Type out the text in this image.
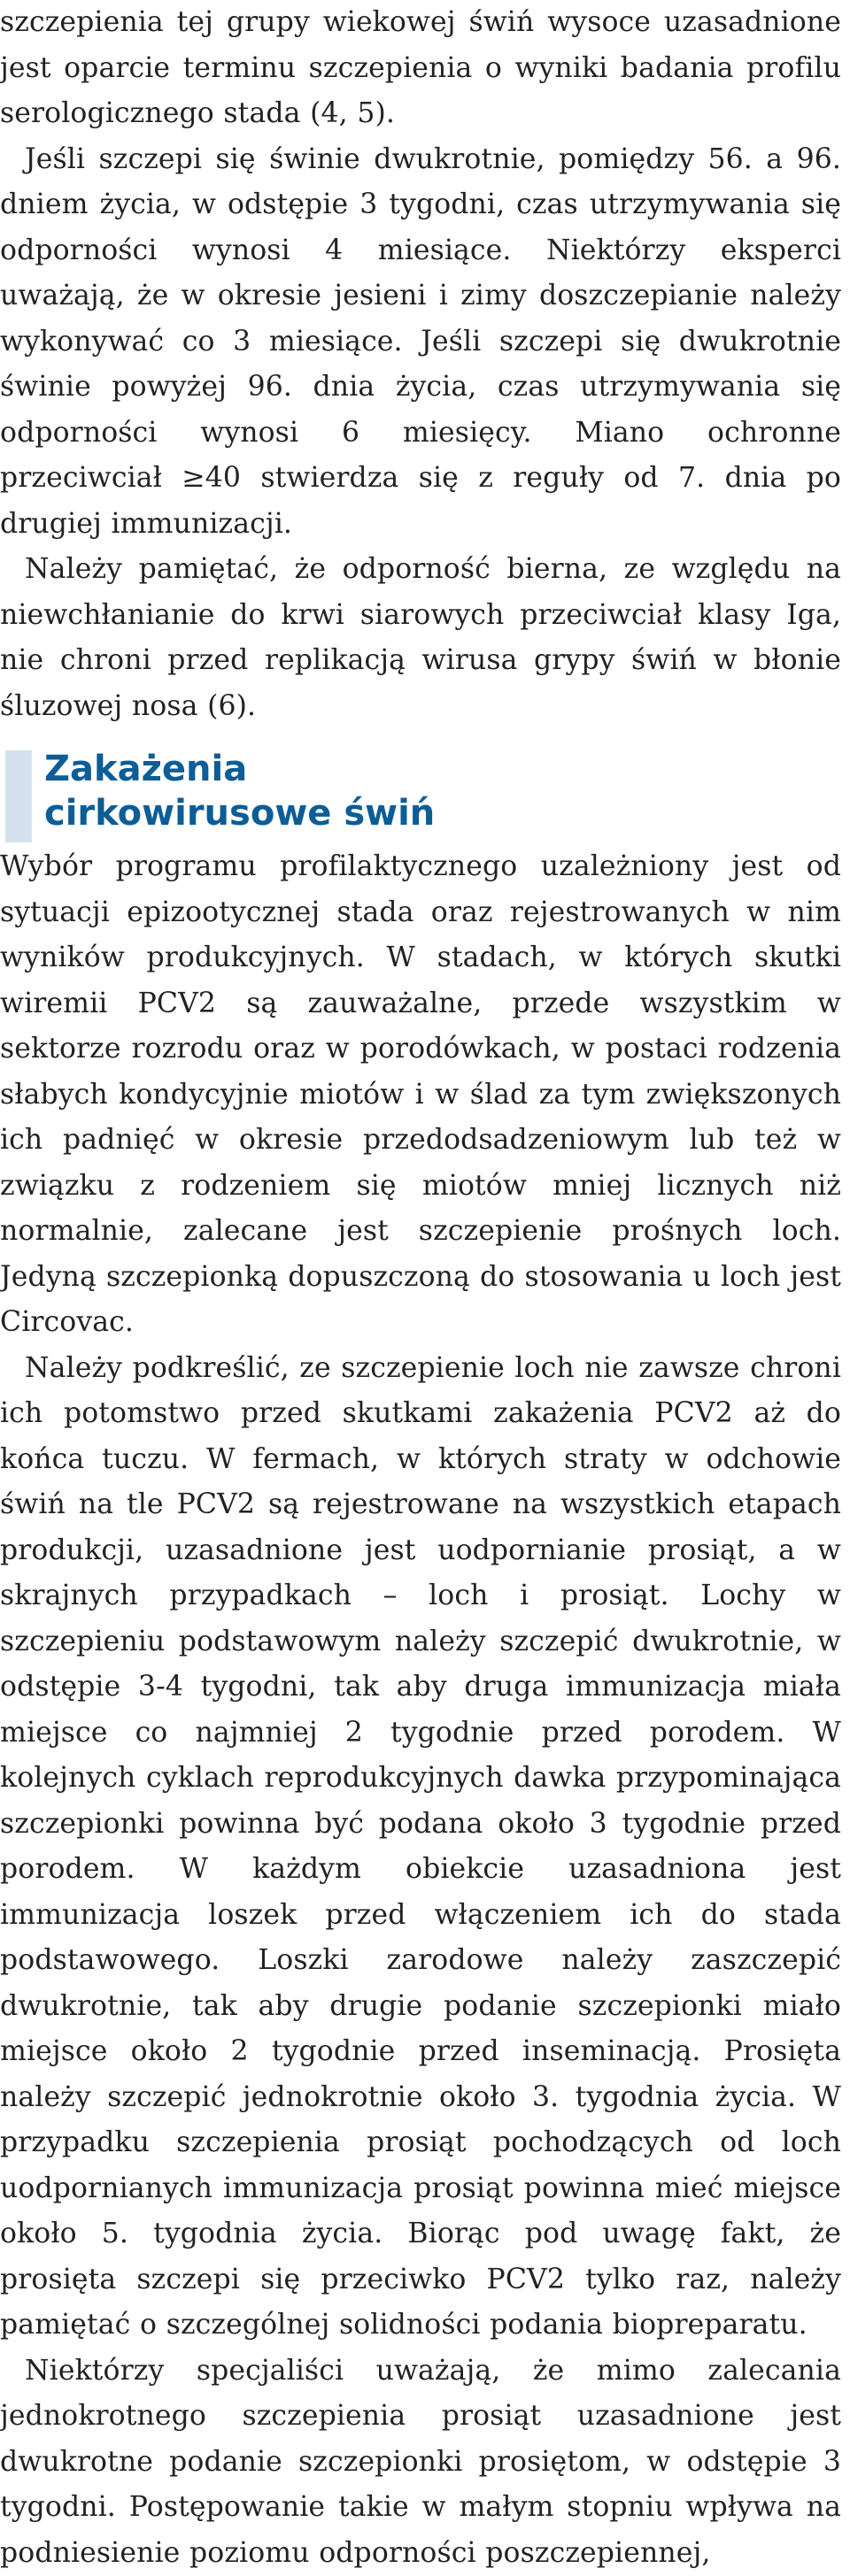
szczepienia tej grupy wiekowej świń wysoce uzasadnione jest oparcie terminu szczepienia o wyniki badania profilu serologicznego stada (4, 5).

Jeśli szczepi się świnie dwukrotnie, pomiędzy 56. a 96. dniem życia, w odstępie 3 tygodni, czas utrzymywania się odporności wynosi 4 miesiące. Niektórzy eksperci uważają, że w okresie jesieni i zimy doszczepianie należy wykonywać co 3 miesiące. Jeśli szczepi się dwukrotnie świnie powyżej 96. dnia życia, czas utrzymywania się odporności wynosi 6 miesięcy. Miano ochronne przeciwciał ≥40 stwierdza się z reguły od 7. dnia po drugiej immunizacji.

Należy pamiętać, że odporność bierna, ze względu na niewchłanianie do krwi siarowych przeciwciał klasy Iga, nie chroni przed replikacją wirusa grypy świń w błonie śluzowej nosa (6).

Zakażenia
cirkowirusowe świń

Wybór programu profilaktycznego uzależniony jest od sytuacji epizootycznej stada oraz rejestrowanych w nim wyników produkcyjnych. W stadach, w których skutki wiremii PCV2 są zauważalne, przede wszystkim w sektorze rozrodu oraz w porodówkach, w postaci rodzenia słabych kondycyjnie miotów i w ślad za tym zwiększonych ich padnięć w okresie przedodsadzeniowym lub też w związku z rodzeniem się miotów mniej licznych niż normalnie, zalecane jest szczepienie prośnych loch. Jedyną szczepionką dopuszczoną do stosowania u loch jest Circovac.

Należy podkreślić, ze szczepienie loch nie zawsze chroni ich potomstwo przed skutkami zakażenia PCV2 aż do końca tuczu. W fermach, w których straty w odchowie świń na tle PCV2 są rejestrowane na wszystkich etapach produkcji, uzasadnione jest uodpornianie prosiąt, a w skrajnych przypadkach – loch i prosiąt. Lochy w szczepieniu podstawowym należy szczepić dwukrotnie, w odstępie 3-4 tygodni, tak aby druga immunizacja miała miejsce co najmniej 2 tygodnie przed porodem. W kolejnych cyklach reprodukcyjnych dawka przypominająca szczepionki powinna być podana około 3 tygodnie przed porodem. W każdym obiekcie uzasadniona jest immunizacja loszek przed włączeniem ich do stada podstawowego. Loszki zarodowe należy zaszczepić dwukrotnie, tak aby drugie podanie szczepionki miało miejsce około 2 tygodnie przed inseminacją. Prosięta należy szczepić jednokrotnie około 3. tygodnia życia. W przypadku szczepienia prosiąt pochodzących od loch uodpornianych immunizacja prosiąt powinna mieć miejsce około 5. tygodnia życia. Biorąc pod uwagę fakt, że prosięta szczepi się przeciwko PCV2 tylko raz, należy pamiętać o szczególnej solidności podania biopreparatu.

Niektórzy specjaliści uważają, że mimo zalecania jednokrotnego szczepienia prosiąt uzasadnione jest dwukrotne podanie szczepionki prosiętom, w odstępie 3 tygodni. Postępowanie takie w małym stopniu wpływa na podniesienie poziomu odporności poszczepiennej,
